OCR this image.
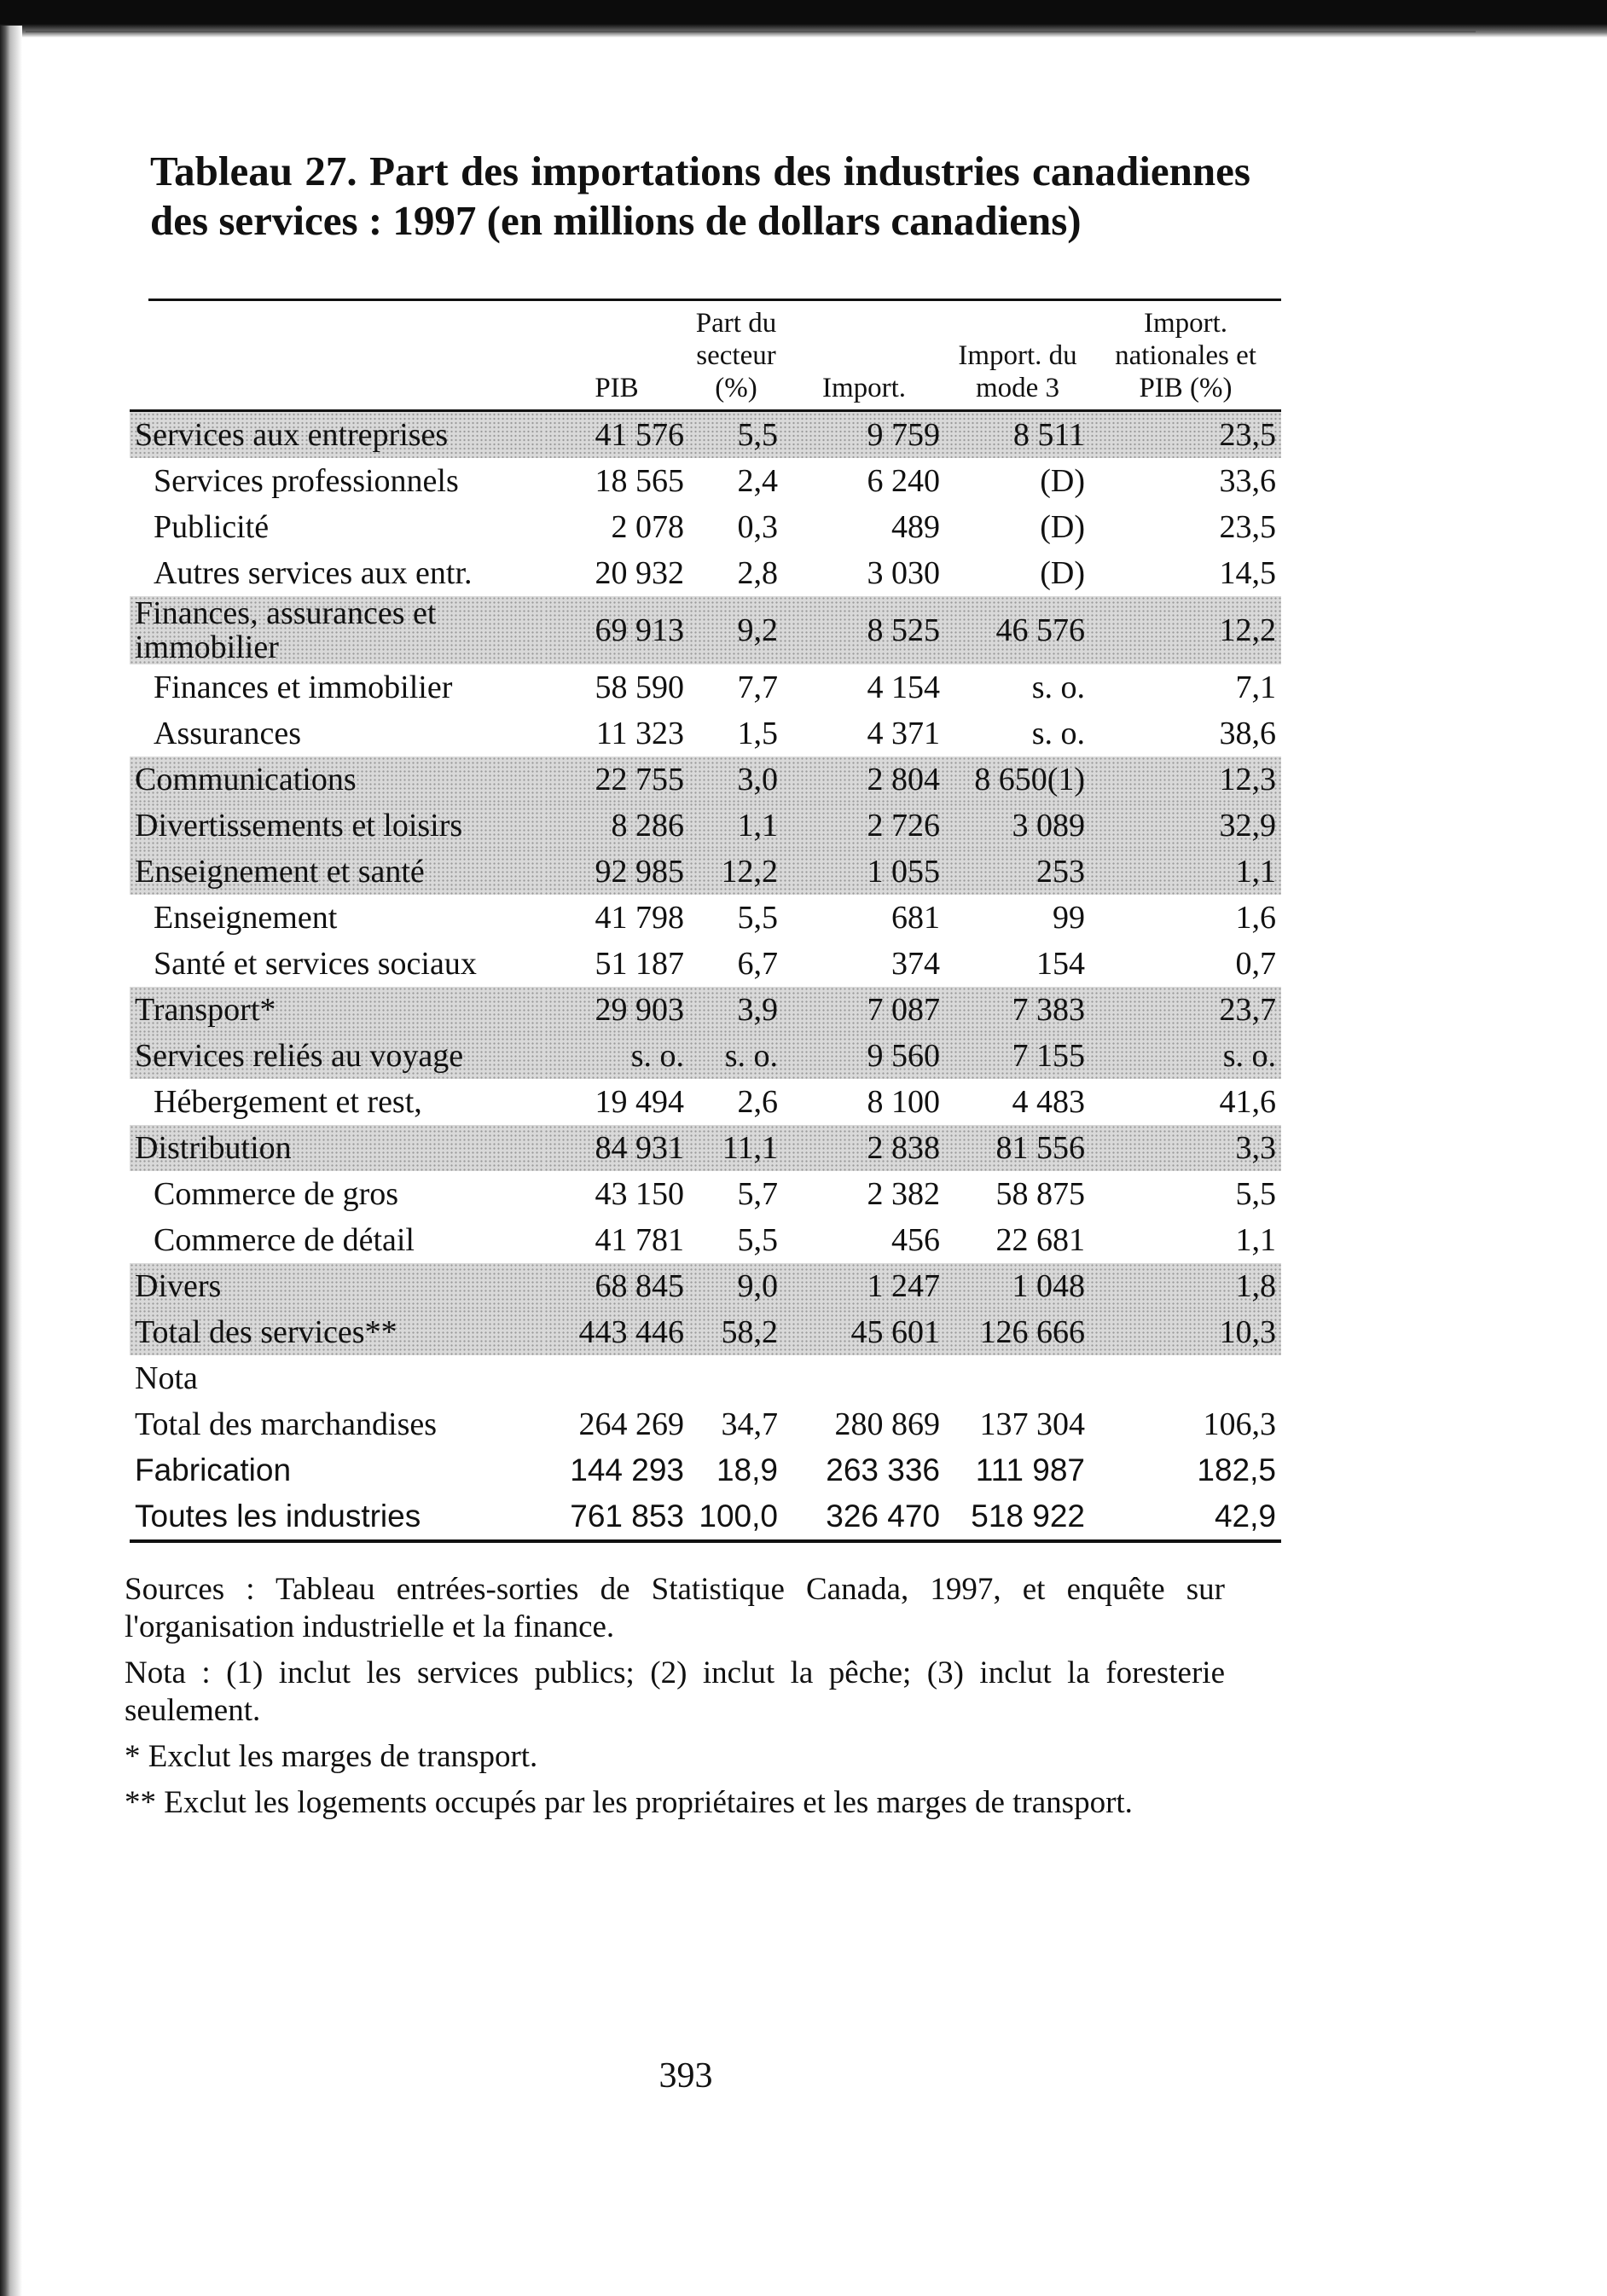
Tableau 27. Part des importations des industries canadiennes des services : 1997 (en millions de dollars canadiens)
	PIB	Part du secteur (%)	Import.	Import. du mode 3	Import. nationales et PIB (%)
Services aux entreprises	41 576	5,5	9 759	8 511	23,5
Services professionnels	18 565	2,4	6 240	(D)	33,6
Publicité	2 078	0,3	489	(D)	23,5
Autres services aux entr.	20 932	2,8	3 030	(D)	14,5
Finances, assurances et immobilier	69 913	9,2	8 525	46 576	12,2
Finances et immobilier	58 590	7,7	4 154	s. o.	7,1
Assurances	11 323	1,5	4 371	s. o.	38,6
Communications	22 755	3,0	2 804	8 650(1)	12,3
Divertissements et loisirs	8 286	1,1	2 726	3 089	32,9
Enseignement et santé	92 985	12,2	1 055	253	1,1
Enseignement	41 798	5,5	681	99	1,6
Santé et services sociaux	51 187	6,7	374	154	0,7
Transport*	29 903	3,9	7 087	7 383	23,7
Services reliés au voyage	s. o.	s. o.	9 560	7 155	s. o.
Hébergement et rest,	19 494	2,6	8 100	4 483	41,6
Distribution	84 931	11,1	2 838	81 556	3,3
Commerce de gros	43 150	5,7	2 382	58 875	5,5
Commerce de détail	41 781	5,5	456	22 681	1,1
Divers	68 845	9,0	1 247	1 048	1,8
Total des services**	443 446	58,2	45 601	126 666	10,3
Nota					
Total des marchandises	264 269	34,7	280 869	137 304	106,3
Fabrication	144 293	18,9	263 336	111 987	182,5
Toutes les industries	761 853	100,0	326 470	518 922	42,9

Sources : Tableau entrées-sorties de Statistique Canada, 1997, et enquête sur l'organisation industrielle et la finance.

Nota : (1) inclut les services publics; (2) inclut la pêche; (3) inclut la foresterie seulement.

* Exclut les marges de transport.

** Exclut les logements occupés par les propriétaires et les marges de transport.

393
